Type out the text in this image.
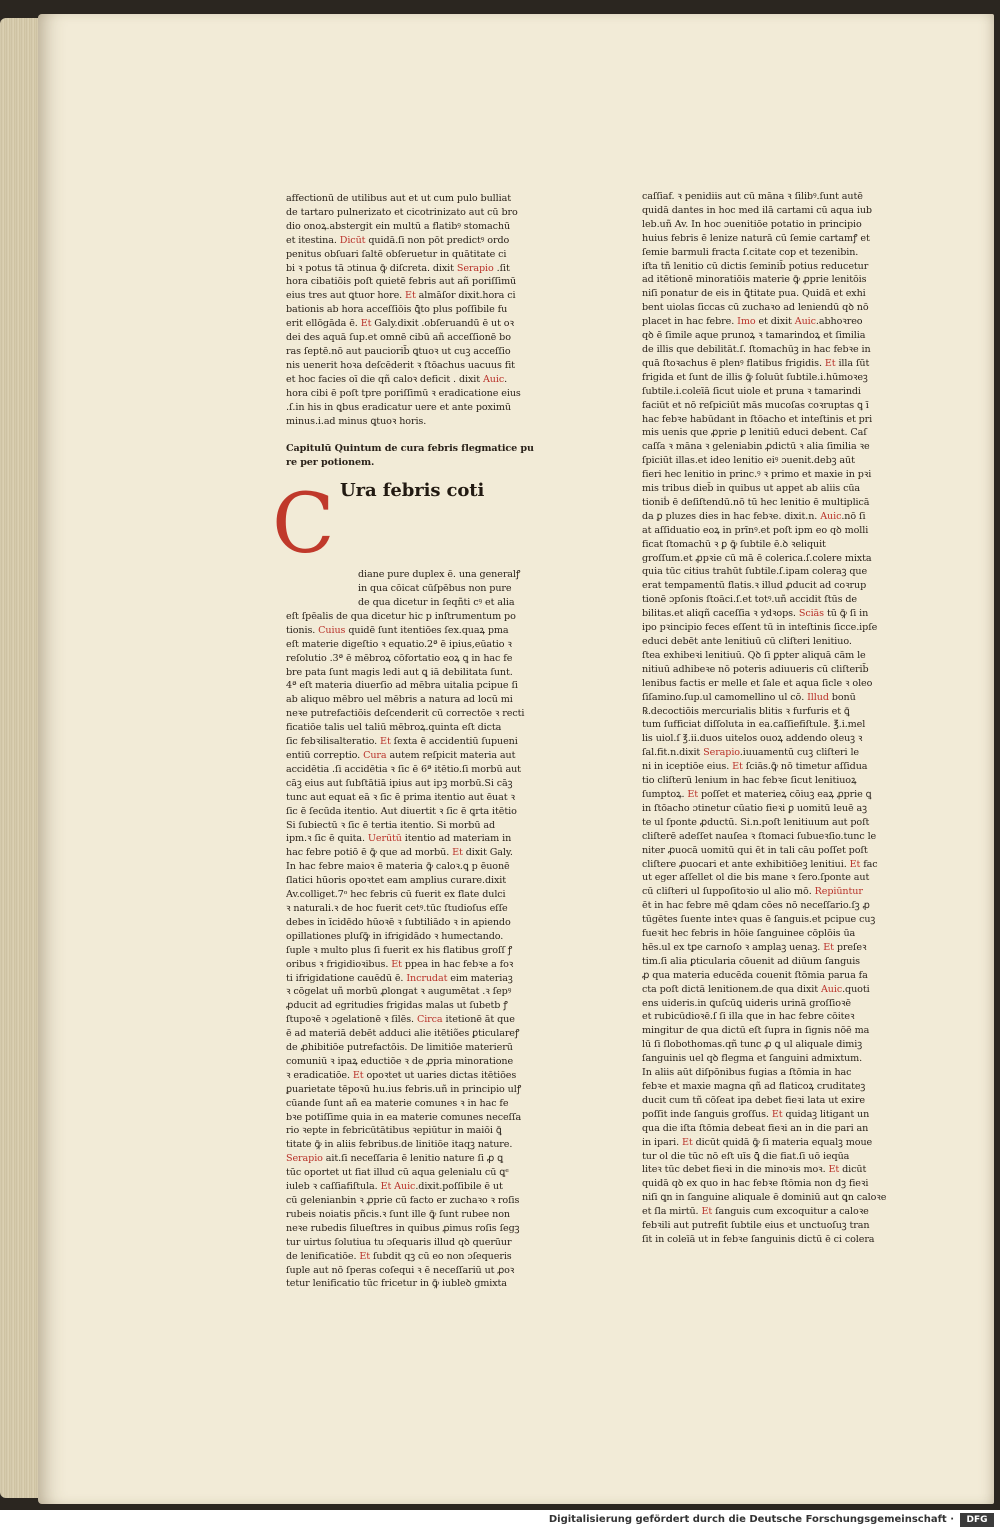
affectionū de utilibus aut et ut cum pulo bulliat
de tartaro pulnerizato et cicotrinizato aut cū bro
dio onoꝝ.abstergit ei̇n multū a flatibꝰ stomachū
et itestina. Dicūt quidā.ſi non pōt predictꝰ ordo
penitus obſuari ſaltē obſeruetur in quātitate ci
bi ꝛ potus tā ɔtinua ꝙ̄ diſcreta. dixit Serapio .ſit
hora cibatiōis poſt quietē febris aut añ poriſſimū
eius tres aut ꝗtuor hore. Et almāſor dixit.hora ci
bationis ab hora acceſſiōis ꝗ̄to plus poſſibile fu
erit ellōgāda ē. Et Galy.dixit .obſeruandū ē ut oꝛ
dei des aquā ſup.et omnē cibū añ acceſſionē bo
ras ſeptē.nō aut pauciorib̄ ꝗtuoꝛ ut cuꝫ acceſſio
nis uenerit hoꝛa deſcēderit ꝛ ſtōachus uacuus fit
et hoc facies oī die qñ caloꝛ deficit . dixit Auic.
hora cibi ē poſt tpre poriſſimū ꝛ eradicatione eius
.ſ.i̇n his in ꝗbus eradicatur uere et ante poximū
minus.i.ad minus ꝗtuoꝛ horis.
Capitulū Quintum de cura febris flegmatice pu
re per potionem.
C Ura febris coti
diane pure duplex ē. una generalꝭ
in qua cōicat cūſpēbus non pure
de qua dicetur in ſeqñti cꝰ et alia
eſt ſpēalis de qua dicetur hic p inſtrumentum po
tionis. Cuius quidē ſunt itentiōes ſex.quaꝝ pma
eſt materie digeſtio ꝛ equatio.2ª ē ipius,eūatio ꝛ
reſolutio .3ª ē mēbroꝝ cōfortatio eoꝝ ꝗ in hac fe
bre pata ſunt magis ledi aut ꝗ iā debilitata ſunt.
4ª eſt materia diuerſio ad mēbra uitalia pcipue ſi
ab aliquo mēbro uel mēbris a natura ad locū mi
neꝛe putrefactiōis deſcenderit cū correctōe ꝛ recti
ficatiōe talis uel taliū mēbroꝝ.quinta eſt dicta
ſic febꝛilisalteratio. Et ſexta ē accidentiū ſupueni
entiū correptio. Cura autem reſpicit materia aut
accidētia .ſi accidētia ꝛ ſic ē 6ª itētio.ſi morbū aut
cāꝫ eius aut ſubſtātiā ipius aut ipꝫ morbū.Si cāꝫ
tunc aut equat eā ꝛ ſic ē prima itentio aut ēuat ꝛ
ſic ē ſecūda itentio. Aut diuertit ꝛ ſic ē ꝗrta itētio
Si ſubiectū ꝛ ſic ē tertia itentio. Si morbū ad
ipm.ꝛ ſic ē quita. Uerūtū itentio ad materiam in
hac febre potiō ē ꝙ̄ que ad morbū. Et dixit Galy.
In hac febre maioꝛ ē materia ꝙ̄ caloꝛ.ꝗ p ēuonē
ſlatici hūoris opoꝛtet eam amplius curare.dixit
Av.colliget.7ᵒ hec febris cū fuerit ex flate dulci
ꝛ naturali.ꝛ de hoc fuerit cetꝰ.tūc ſtudioſus eſſe
debes in īcidēdo hūoꝛē ꝛ ſubtiliādo ꝛ in apiendo
opillationes pluſꝙ̄ in ifrigidādo ꝛ humectando.
ſuple ꝛ multo plus ſi fuerit ex his flatibus groſſ ꝭ
oribus ꝛ frigidioꝛibus. Et ppea in hac febꝛe a foꝛ
ti ifrigidatione cauēdū ē. Incrudat eim materiaꝫ
ꝛ cōgelat uñ morbū ꝓlongat ꝛ augumētat .ꝛ ſepꝰ
ꝓducit ad egritudies frigidas malas ut ſubetb ꝭ
ſtupoꝛē ꝛ ɔgelationē ꝛ ſilēs. Circa itetionē āt que
ē ad materiā debēt adduci alie itētiões ꝑticulareꝭ
de ꝓhibitiōe putrefactōis. De limitiōe materierū
comuniū ꝛ ipaꝝ eductiōe ꝛ de ꝓpria minoratione
ꝛ eradicatiōe. Et opoꝛtet ut uaries dictas itētiōes
ꝑuarietate tēpoꝛū hu.ius febris.uñ in principio ulꝭ
cūande ſunt añ ea materie comunes ꝛ in hac fe
bꝛe potiſſime quia in ea materie comunes neceſſa
rio ꝛepte in febricūtātibus ꝛepiūtur in maiōi ꝗ̄
titate ꝙ̄ in aliis febribus.de linitiōe itaqꝫ nature.
Serapio ait.ſi neceſſaria ē lenitio nature ſi ꝓ ꝗ
tūc oportet ut fiat illud cū aqua gelenialu cū ꝗᵉ
iuleb ꝛ caſſiafiſtula. Et Auic.dixit.poſſibile ē ut
cū gelenianbin ꝛ ꝓprie cū facto er zuchaꝛo ꝛ roſis
rubeis noiatis pñcis.ꝛ ſunt ille ꝙ̄ ſunt rubee non
neꝛe rubedis ſilueſtres in quibus ꝓimus roſis ſegꝫ
tur uirtus ſolutiua tu ɔſequaris illud qꝺ querūur
de lenificatiōe. Et ſubdit qꝫ cū eo non ɔſequeris
ſuple aut nō ſperas coſequi ꝛ ē neceſſariū ut ꝓoꝛ
tetur lenificatio tūc fricetur in ꝙ̄ iubleꝺ gmixta
caſſiaf. ꝛ penidiis aut cū māna ꝛ ſilibꝰ.ſunt autē
quidā dantes in hoc med ilā cartami cū aqua iub
leb.uñ Av. In hoc ɔuenitiōe potatio in principio
huius febris ē lenize naturā cū ſemie cartamꝭ et
ſemie barmuli fracta ſ.citate cop et tezenibin.
iſta tñ lenitio cū dictis ſeminib̄ potius reducetur
ad itētionē minoratiōis materie ꝙ̄ ꝓprie lenitōis
niſi ponatur de eis in ꝗ̄titate pua. Quidā et exhi
bent uiolas ſiccas cū zuchaꝛo ad leniendū qꝺ nō
placet in hac febre. Imo et dixit Auic.abhoꝛreo
qꝺ ē ſimile aque prunoꝝ ꝛ tamarindoꝝ et ſimilia
de illis que debilitāt.ſ. ſtomachūꝫ in hac febꝛe in
quā ſtoꝛachus ē plenꝰ flatibus frigidis. Et illa ſūt
frigida et ſunt de illis ꝙ̄ ſoluūt ſubtile.i.hūmoꝛeꝫ
ſubtile.i.coleīā ſicut uiole et pruna ꝛ tamarindi
faciūt et nō reſpiciūt mās mucoſas coꝛruptas ꝗ ī
hac febꝛe habūdant in ſtōacho et inteſtinis et pri
mis uenis que ꝓprie ꝑ lenitiū educi debent. Caſ
caſſa ꝛ māna ꝛ geleniabin ꝓdictū ꝛ alia ſimilia ꝛe
ſpiciūt illas.et ideo lenitio eiꝰ ɔuenit.debꝫ aūt
fieri hec lenitio in princ.ꝰ ꝛ primo et maxie in pꝛi
mis tribus dieb̄ in quibus ut appet ab aliis cūa
tioniḃ ē deſiſtendū.nō tū hec lenitio ē multiplicā
da ꝑ pluzes dies in hac febꝛe. dixit.n. Auic.nō ſi
at aſſiduatio eoꝝ in prīnꝰ.et poſt ipm eo qꝺ molli
ficat ſtomachū ꝛ ꝑ ꝙ̄ ſubtile ē.ꝺ ꝛeliquit
groſſum.et ꝓpꝛie cū mā ē colerica.ſ.colere mixta
quia tūc citius trahūt ſubtile.ſ.ipam coleraꝫ que
erat tempamentū flatis.ꝛ illud ꝓducit ad coꝛrup
tionē ɔpſonis ſtoāci.ſ.et totꝰ.uñ accidit ſtūs de
bilitas.et aliqñ caceſſia ꝛ ydꝛops. Sciās tū ꝙ̄ ſi in
ipo pꝛincipio feces eſſent tū in inteſtinis ſicce.ipſe
educi debēt ante lenitiuū cū cliſteri lenitiuo.
ſtea exhibeꝛi lenitiuū. Qꝺ ſi ꝑpter aliquā cām le
nitiuū adhibeꝛe nō poteris adiuueris cū cliſterib̄
lenibus factis er melle et ſale et aqua ſicle ꝛ oleo
ſiſamino.ſup.ul camomellino ul cō. Illud bonū
℞.decoctiōis mercurialis blitis ꝛ furfuris et ꝗ̄
tum ſufficiat diſſoluta in ea.caſſiefiſtule. ℥.i.mel
lis uiol.ſ ℥.ii.duos uitelos ouoꝝ addendo oleuꝫ ꝛ
ſal.fit.n.dixit Serapio.iuuamentū cuꝫ cliſteri le
ni in iceptiōe eius. Et ſciās.ꝙ̄ nō timetur aſſidua
tio cliſterū lenium in hac febꝛe ſicut lenitiuoꝝ
ſumptoꝝ. Et poſſet et materieꝝ cōiuꝫ eaꝝ ꝓprie ꝗ
in ſtōacho ɔtinetur cūatio fieꝛi ꝑ uomitū leuē aꝫ
te ul ſponte ꝓductū. Si.n.poſt lenitiuum aut poſt
cliſterē adeſſet nauſea ꝛ ſtomaci ſubueꝛſio.tunc le
niter ꝓuocā uomitū qui ēt in tali cāu poſſet poſt
cliſtere ꝓuocari et ante exhibitiōeꝫ lenitiui. Et fac
ut eger aſſellet ol die bis mane ꝛ ſero.ſponte aut
cū cliſteri ul ſuppoſitoꝛio ul alio mō. Repiūntur
ēt in hac febre mē ꝗdam cōes nō neceſſario.ſꝫ ꝓ
tūgētes ſuente inteꝛ quas ē ſanguis.et pcipue cuꝫ
fueꝛit hec febris in hōie ſanguinee cōplōis ūa
hēs.ul ex tꝑe carnoſo ꝛ amplaꝫ uenaꝫ. Et preſeꝛ
tim.ſi alia ꝑticularia cōuenit ad diūum ſanguis
ꝓ qua materia educēda couenit ſtōmia parua fa
cta poſt dictā lenitionem.de qua dixit Auic.quoti
ens uideris.in ꝗuſcūꝗ uideris urinā groſſioꝛē
et rubicūdioꝛē.ſ ſi illa que in hac febre cōiteꝛ
mingitur de qua dictū eſt ſupra in ſignis nōē ma
lū ſi ſlobothomas.qñ tunc ꝓ ꝗ ul aliquale dimiꝫ
ſanguinis uel qꝺ flegma et ſanguini admixtum.
In aliis aūt diſpōnibus fugias a ſtōmia in hac
febꝛe et maxie magna qñ ad flaticoꝝ cruditateꝫ
ducit cum tñ cōſeat ipa debet fieꝛi lata ut exire
poſſit inde ſanguis groſſus. Et quidaꝫ litigant un
qua die iſta ſtōmia debeat fieꝛi an in die pari an
in ipari. Et dicūt quidā ꝙ̄ ſi materia equalꝫ moue
tur ol die tūc nō eſt uīs ꝗ̄ die fiat.ſi uō ieqūa
liteꝛ tūc debet fieꝛi in die minoꝛis moꝛ. Et dicūt
quidā qꝺ ex quo in hac febꝛe ſtōmia non dꝫ fieꝛi
niſi ꝗn in ſanguine aliquale ē dominiū aut ꝗn caloꝛe
et ſla mirtū. Et ſanguis cum excoquitur a caloꝛe
febꝛili aut putrefit ſubtile eius et unctuoſuꝫ tran
ſit in coleīā ut in febꝛe ſanguinis dictū ē ci colera
Digitalisierung gefördert durch die Deutsche Forschungsgemeinschaft ·	DFG
